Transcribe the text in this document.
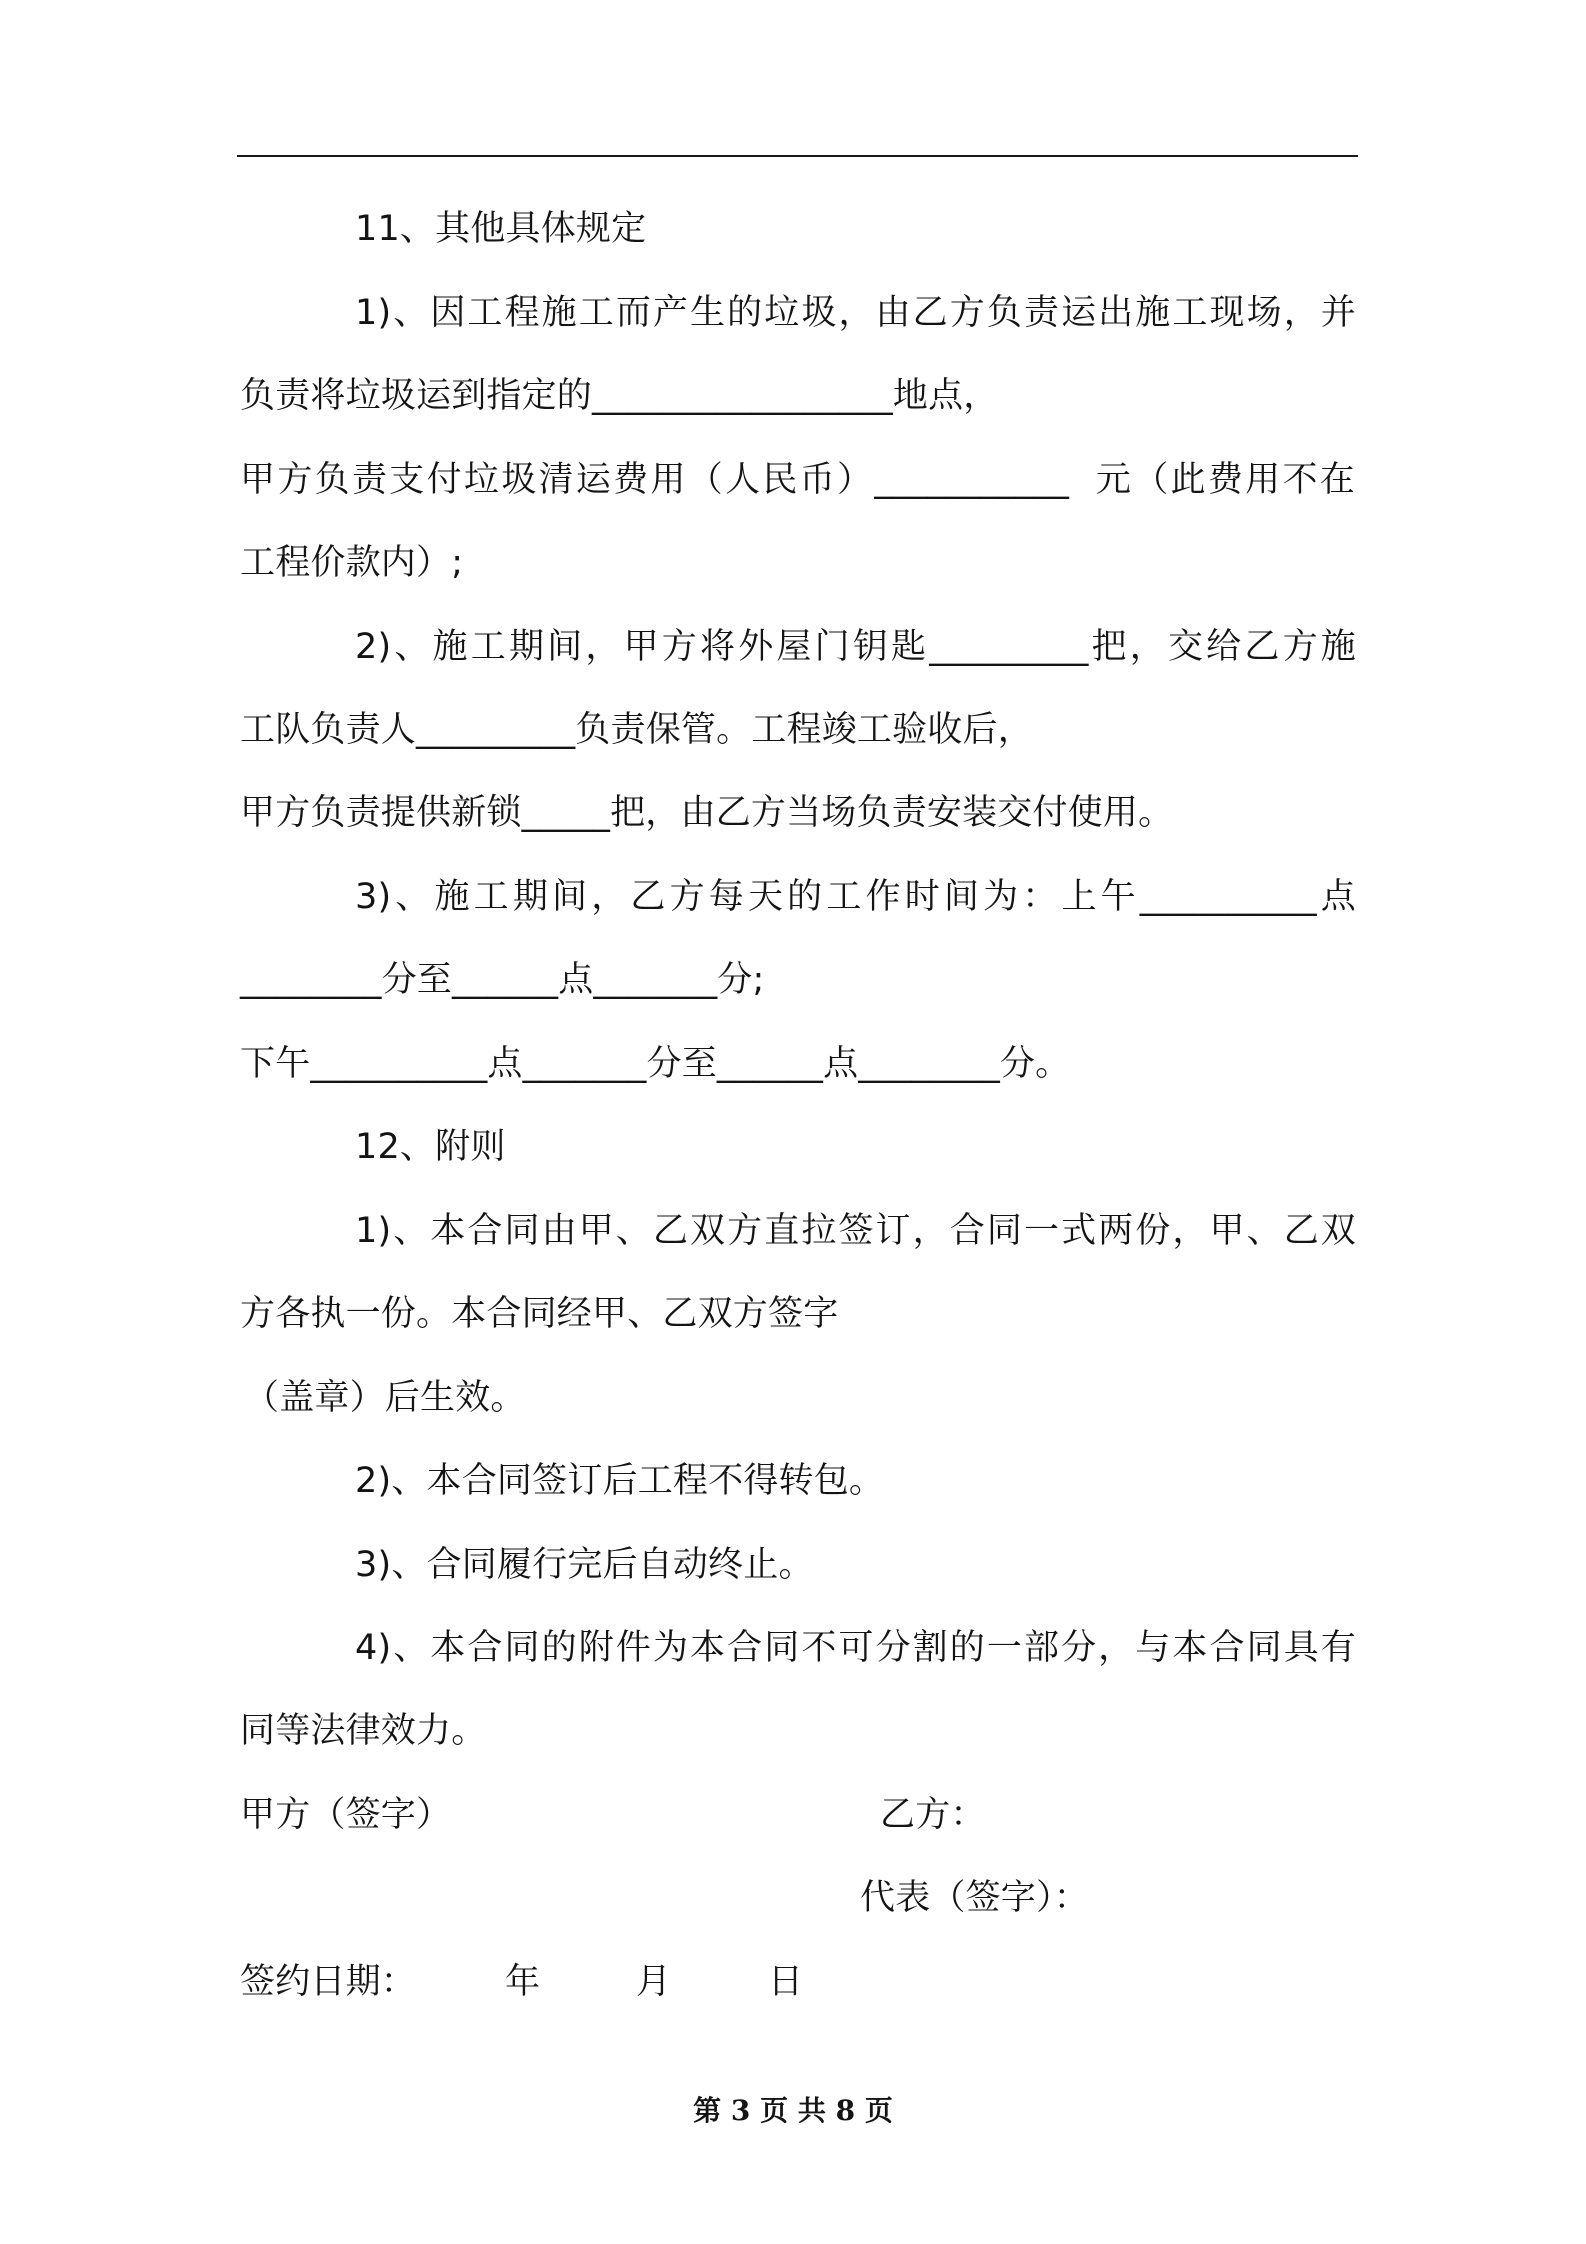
11、其他具体规定
1)、因工程施工而产生的垃圾，由乙方负责运出施工现场，并
负责将垃圾运到指定的_________________地点，
甲方负责支付垃圾清运费用（人民币）___________  元（此费用不在
工程价款内）;
2)、施工期间，甲方将外屋门钥匙_________把，交给乙方施
工队负责人_________负责保管。工程竣工验收后，
甲方负责提供新锁_____把，由乙方当场负责安装交付使用。
3)、施工期间，乙方每天的工作时间为：上午__________点
________分至______点_______分;
下午__________点_______分至______点________分。
12、附则
1)、本合同由甲、乙双方直拉签订，合同一式两份，甲、乙双
方各执一份。本合同经甲、乙双方签字
（盖章）后生效。
2)、本合同签订后工程不得转包。
3)、合同履行完后自动终止。
4)、本合同的附件为本合同不可分割的一部分，与本合同具有
同等法律效力。
甲方（签字）	乙方：
代表（签字）：
签约日期：	年	月	日
第 3 页 共 8 页
